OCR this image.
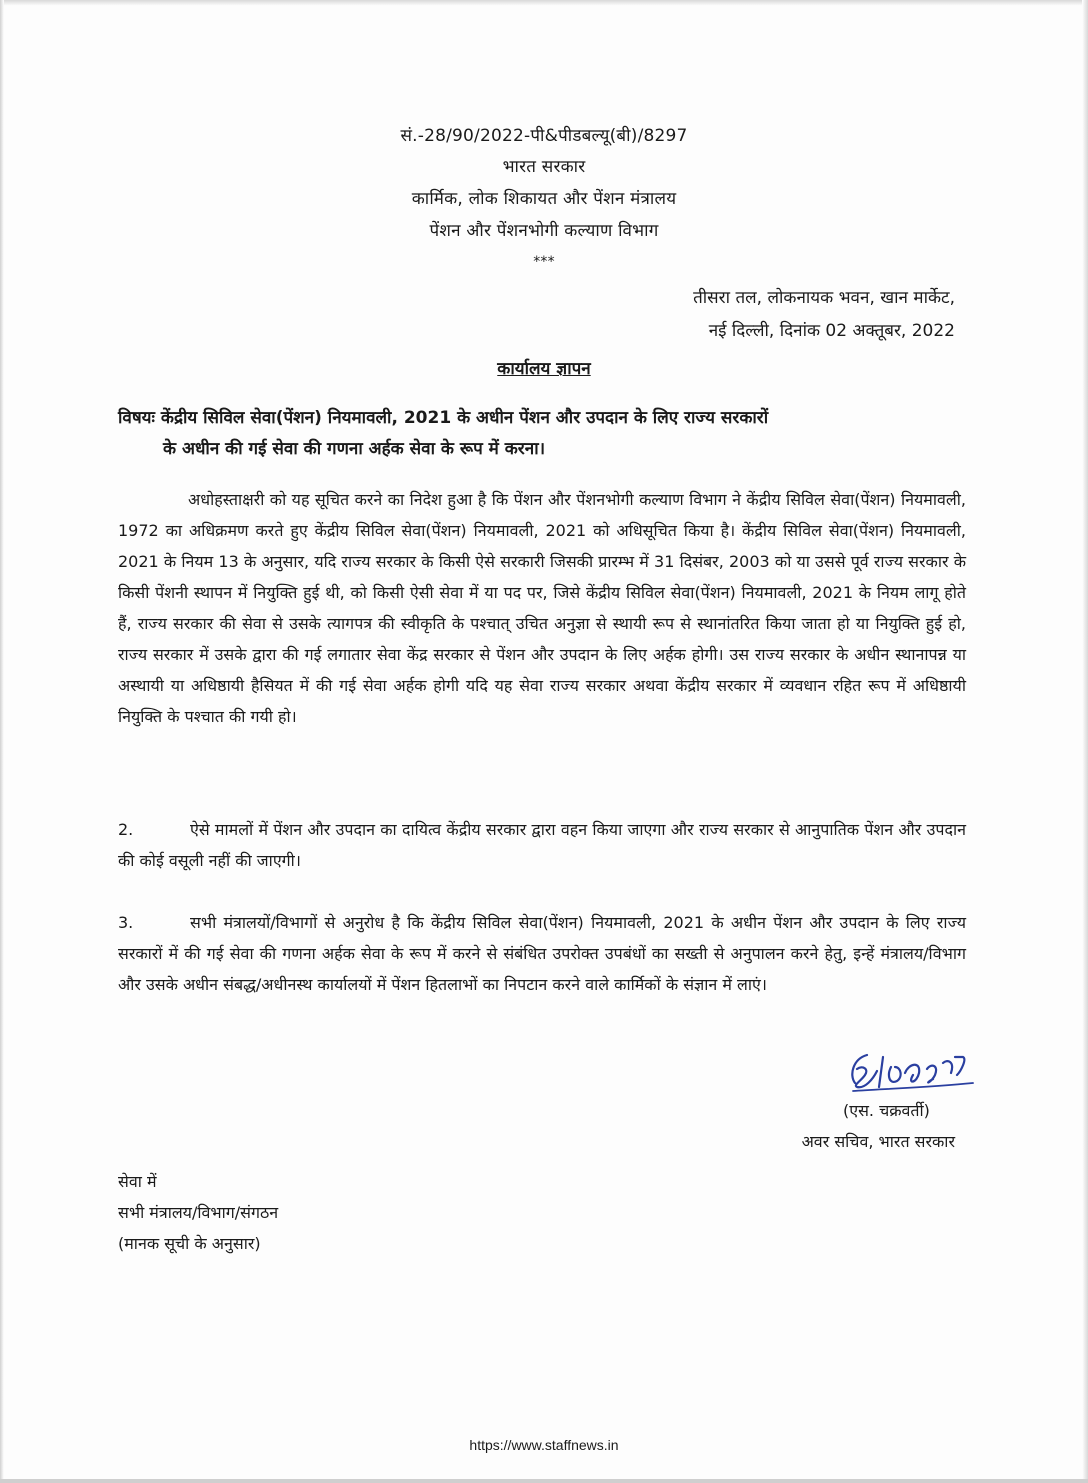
सं.-28/90/2022-पी&पीडबल्यू(बी)/8297
भारत सरकार
कार्मिक, लोक शिकायत और पेंशन मंत्रालय
पेंशन और पेंशनभोगी कल्याण विभाग
***
तीसरा तल, लोकनायक भवन, खान मार्केट,
नई दिल्ली, दिनांक 02 अक्तूबर, 2022
कार्यालय ज्ञापन
विषयः केंद्रीय सिविल सेवा(पेंशन) नियमावली, 2021 के अधीन पेंशन और उपदान के लिए राज्य सरकारों
के अधीन की गई सेवा की गणना अर्हक सेवा के रूप में करना।
अधोहस्ताक्षरी को यह सूचित करने का निदेश हुआ है कि पेंशन और पेंशनभोगी कल्याण विभाग ने केंद्रीय सिविल सेवा(पेंशन) नियमावली, 1972 का अधिक्रमण करते हुए केंद्रीय सिविल सेवा(पेंशन) नियमावली, 2021 को अधिसूचित किया है। केंद्रीय सिविल सेवा(पेंशन) नियमावली, 2021 के नियम 13 के अनुसार, यदि राज्य सरकार के किसी ऐसे सरकारी जिसकी प्रारम्भ में 31 दिसंबर, 2003 को या उससे पूर्व राज्य सरकार के किसी पेंशनी स्थापन में नियुक्ति हुई थी, को किसी ऐसी सेवा में या पद पर, जिसे केंद्रीय सिविल सेवा(पेंशन) नियमावली, 2021 के नियम लागू होते हैं, राज्य सरकार की सेवा से उसके त्यागपत्र की स्वीकृति के पश्चात् उचित अनुज्ञा से स्थायी रूप से स्थानांतरित किया जाता हो या नियुक्ति हुई हो, राज्य सरकार में उसके द्वारा की गई लगातार सेवा केंद्र सरकार से पेंशन और उपदान के लिए अर्हक होगी। उस राज्य सरकार के अधीन स्थानापन्न या अस्थायी या अधिष्ठायी हैसियत में की गई सेवा अर्हक होगी यदि यह सेवा राज्य सरकार अथवा केंद्रीय सरकार में व्यवधान रहित रूप में अधिष्ठायी नियुक्ति के पश्चात की गयी हो।
2.	ऐसे मामलों में पेंशन और उपदान का दायित्व केंद्रीय सरकार द्वारा वहन किया जाएगा और राज्य सरकार से आनुपातिक पेंशन और उपदान की कोई वसूली नहीं की जाएगी।
3.	सभी मंत्रालयों/विभागों से अनुरोध है कि केंद्रीय सिविल सेवा(पेंशन) नियमावली, 2021 के अधीन पेंशन और उपदान के लिए राज्य सरकारों में की गई सेवा की गणना अर्हक सेवा के रूप में करने से संबंधित उपरोक्त उपबंधों का सख्ती से अनुपालन करने हेतु, इन्हें मंत्रालय/विभाग और उसके अधीन संबद्ध/अधीनस्थ कार्यालयों में पेंशन हितलाभों का निपटान करने वाले कार्मिकों के संज्ञान में लाएं।
(एस. चक्रवर्ती)
अवर सचिव, भारत सरकार
सेवा में
सभी मंत्रालय/विभाग/संगठन
(मानक सूची के अनुसार)
https://www.staffnews.in
